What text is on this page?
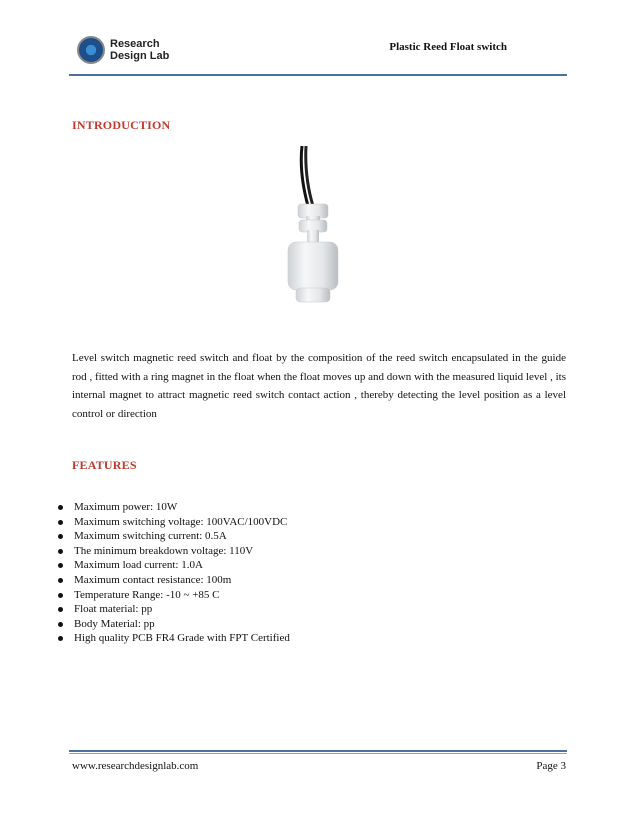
Research
Design Lab
Plastic Reed Float switch
INTRODUCTION

Level switch magnetic reed switch and float by the composition of the reed switch encapsulated in the guide rod , fitted with a ring magnet in the float when the float moves up and down with the measured liquid level , its internal magnet to attract magnetic reed switch contact action , thereby detecting the level position as a level control or direction

FEATURES
Maximum power: 10W
Maximum switching voltage: 100VAC/100VDC
Maximum switching current: 0.5A
The minimum breakdown voltage: 110V
Maximum load current: 1.0A
Maximum contact resistance: 100m
Temperature Range: -10 ~ +85 C
Float material: pp
Body Material: pp
High quality PCB FR4 Grade with FPT Certified
www.researchdesignlab.com	Page 3
